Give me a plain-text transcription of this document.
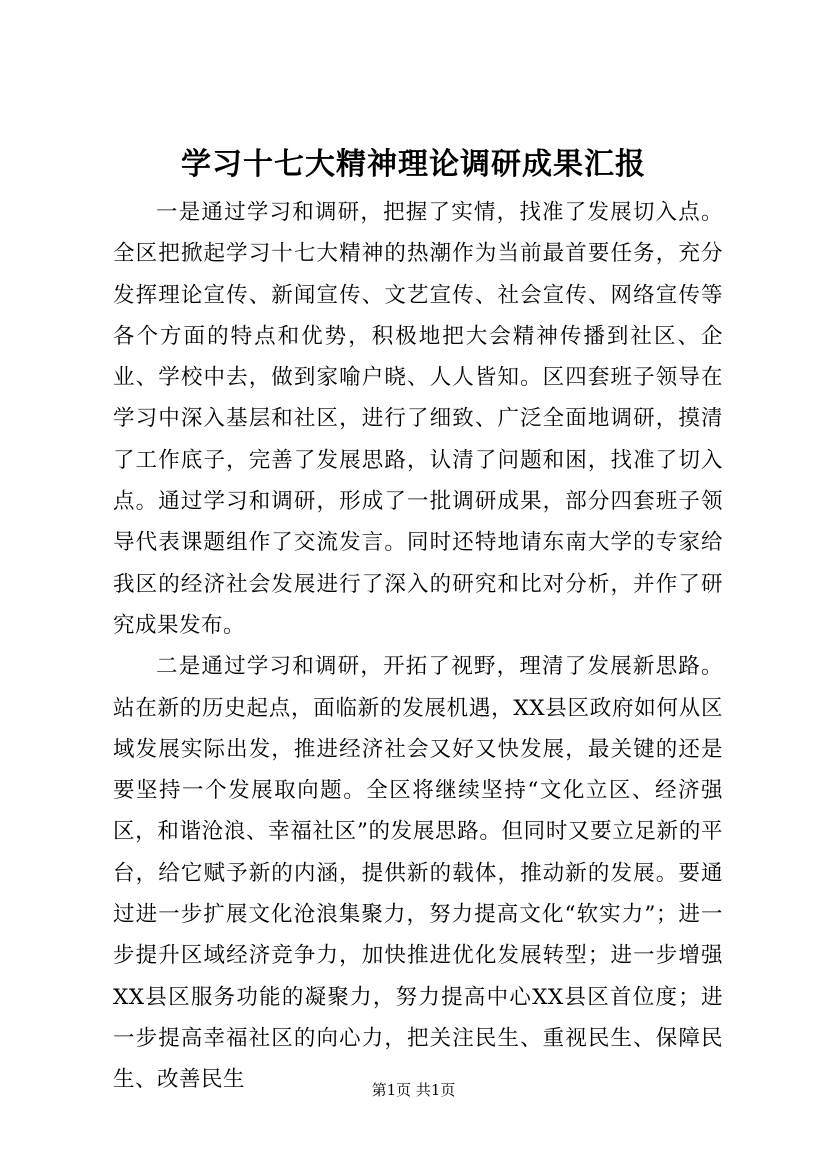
学习十七大精神理论调研成果汇报

一是通过学习和调研，把握了实情，找准了发展切入点。全区把掀起学习十七大精神的热潮作为当前最首要任务，充分发挥理论宣传、新闻宣传、文艺宣传、社会宣传、网络宣传等各个方面的特点和优势，积极地把大会精神传播到社区、企业、学校中去，做到家喻户晓、人人皆知。区四套班子领导在学习中深入基层和社区，进行了细致、广泛全面地调研，摸清了工作底子，完善了发展思路，认清了问题和困，找准了切入点。通过学习和调研，形成了一批调研成果，部分四套班子领导代表课题组作了交流发言。同时还特地请东南大学的专家给我区的经济社会发展进行了深入的研究和比对分析，并作了研究成果发布。

二是通过学习和调研，开拓了视野，理清了发展新思路。站在新的历史起点，面临新的发展机遇，XX县区政府如何从区域发展实际出发，推进经济社会又好又快发展，最关键的还是要坚持一个发展取向题。全区将继续坚持“文化立区、经济强区，和谐沧浪、幸福社区”的发展思路。但同时又要立足新的平台，给它赋予新的内涵，提供新的载体，推动新的发展。要通过进一步扩展文化沧浪集聚力，努力提高文化“软实力”；进一步提升区域经济竞争力，加快推进优化发展转型；进一步增强XX县区服务功能的凝聚力，努力提高中心XX县区首位度；进一步提高幸福社区的向心力，把关注民生、重视民生、保障民生、改善民生	第1页 共1页
